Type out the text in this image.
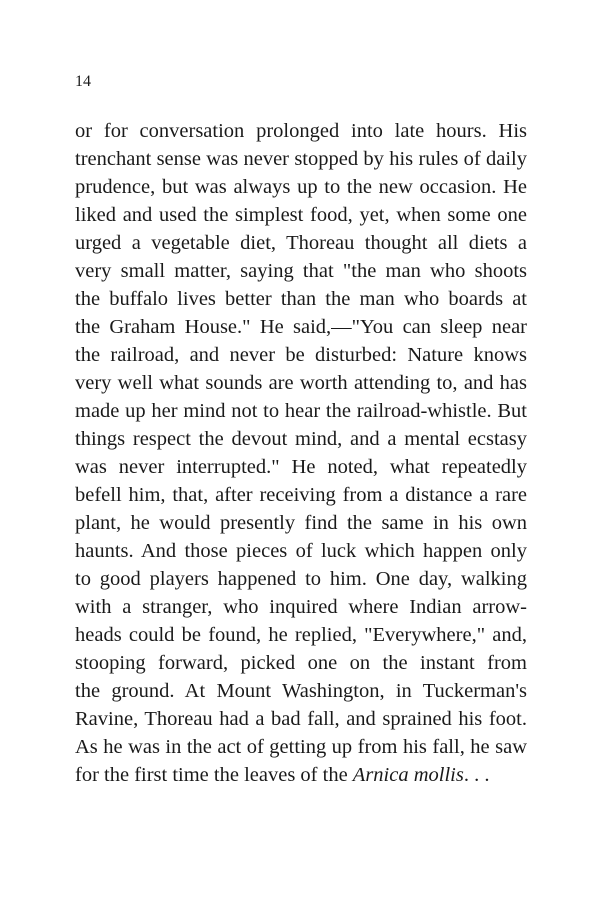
14
or for conversation prolonged into late hours. His
trenchant sense was never stopped by his rules of daily
prudence, but was always up to the new occasion. He
liked and used the simplest food, yet, when some one
urged a vegetable diet, Thoreau thought all diets a
very small matter, saying that "the man who shoots
the buffalo lives better than the man who boards at
the Graham House." He said,—"You can sleep near
the railroad, and never be disturbed: Nature knows
very well what sounds are worth attending to, and has
made up her mind not to hear the railroad-whistle. But
things respect the devout mind, and a mental ecstasy
was never interrupted." He noted, what repeatedly
befell him, that, after receiving from a distance a rare
plant, he would presently find the same in his own
haunts. And those pieces of luck which happen only
to good players happened to him. One day, walking
with a stranger, who inquired where Indian arrow-
heads could be found, he replied, "Everywhere," and,
stooping forward, picked one on the instant from
the ground. At Mount Washington, in Tuckerman's
Ravine, Thoreau had a bad fall, and sprained his foot.
As he was in the act of getting up from his fall, he saw
for the first time the leaves of the Arnica mollis. . .
